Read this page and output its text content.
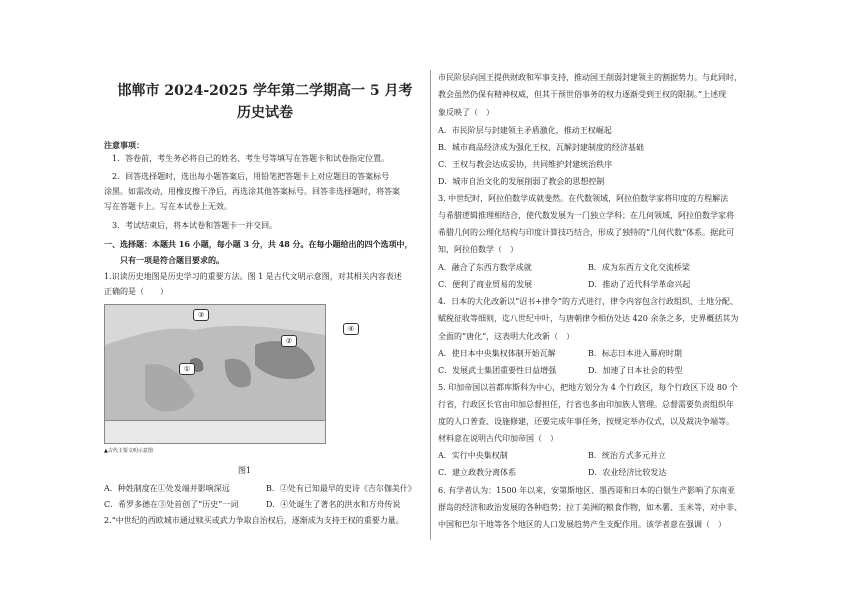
邯郸市 2024-2025 学年第二学期高一 5 月考
历史试卷

注意事项：

1．答卷前，考生务必将自己的姓名、考生号等填写在答题卡和试卷指定位置。

2．回答选择题时，选出每小题答案后，用铅笔把答题卡上对应题目的答案标号

涂黑。如需改动，用橡皮擦干净后，再选涂其他答案标号。回答非选择题时，将答案

写在答题卡上。写在本试卷上无效。

3．考试结束后，将本试卷和答题卡一并交回。

一、选择题：本题共 16 小题，每小题 3 分，共 48 分。在每小题给出的四个选项中，

只有一项是符合题目要求的。

1.识读历史地图是历史学习的重要方法。图 1 是古代文明示意图，对其相关内容表述

正确的是（　　）

③
②
④
①
▲古代主要文明示意图

图1

A．种姓制度在①处发端并影响深远	B．②处有已知最早的史诗《吉尔伽美什》

C．希罗多德在③处首创了“历史”一词	D．④处诞生了著名的洪水和方舟传说

2.“中世纪的西欧城市通过赎买或武力争取自治权后，逐渐成为支持王权的重要力量。

市民阶层向国王提供财政和军事支持，推动国王削弱封建领主的割据势力。与此同时，

教会虽然仍保有精神权威，但其干预世俗事务的权力逐渐受到王权的限制。”上述现

象反映了（　）

A．市民阶层与封建领主矛盾激化，推动王权崛起

B．城市商品经济成为强化王权、瓦解封建制度的经济基础

C．王权与教会达成妥协，共同维护封建统治秩序

D．城市自治文化的发展削弱了教会的思想控制

3. 中世纪时，阿拉伯数学成就斐然。在代数领域，阿拉伯数学家将印度的方程解法

与希腊逻辑推理相结合，使代数发展为一门独立学科；在几何领域，阿拉伯数学家将

希腊几何的公理化结构与印度计算技巧结合，形成了独特的“几何代数”体系。据此可

知，阿拉伯数学（　）

A．融合了东西方数学成就	B．成为东西方文化交流桥梁

C．便利了商业贸易的发展	D．推动了近代科学革命兴起

4．日本的大化改新以“诏书+律令”的方式进行，律令内容包含行政组织、土地分配、

赋税征收等细则，迄八世纪中叶，与唐朝律令相仿处达 420 余条之多，史界概括其为

全面的“唐化”，这表明大化改新（　）

A．使日本中央集权体制开始瓦解	B．标志日本进入幕府时期

C．发展武士集团重要性日益增强	D．加速了日本社会的转型

5. 印加帝国以首都库斯科为中心，把地方划分为 4 个行政区，每个行政区下设 80 个

行省，行政区长官由印加总督担任，行省也多由印加族人管理。总督需要负责组织年

度的人口普查、设施修建，还要完成年事任务，按规定举办仪式，以及裁决争端等。

材料意在说明古代印加帝国（　）

A．实行中央集权制	B．统治方式多元并立

C．建立政教分离体系	D．农业经济比较发达

6. 有学者认为：1500 年以来，安第斯地区、墨西哥和日本的白银生产影响了东南亚

群岛的经济和政治发展的各种趋势；拉丁美洲的粮食作物，如木薯、玉米等，对中非、

中国和巴尔干地等各个地区的人口发展趋势产生支配作用。该学者意在强调（　）
